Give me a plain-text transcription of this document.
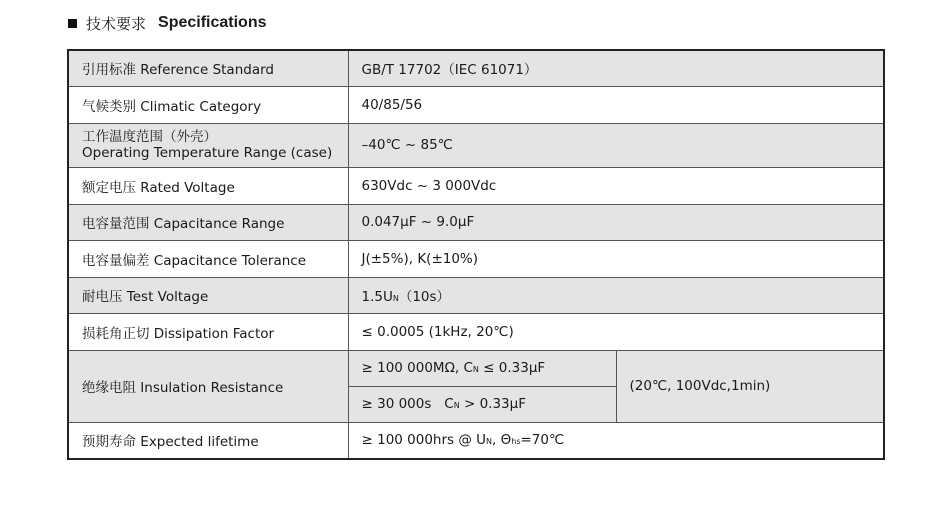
技术要求 Specifications
引用标准 Reference Standard	GB/T 17702（IEC 61071）	
气候类别 Climatic Category	40/85/56	

工作温度范围（外壳）
Operating Temperature Range (case)	–40℃ ~ 85℃	
额定电压 Rated Voltage	630Vdc ~ 3 000Vdc	
电容量范围 Capacitance Range	0.047μF ~ 9.0μF	
电容量偏差 Capacitance Tolerance	J(±5%), K(±10%)	
耐电压 Test Voltage	1.5UN（10s）	
损耗角正切 Dissipation Factor	≤ 0.0005 (1kHz, 20℃)	
绝缘电阻 Insulation Resistance	≥ 100 000MΩ, CN ≤ 0.33μF	(20℃, 100Vdc,1min)
	≥ 30 000s   CN > 0.33μF	
预期寿命 Expected lifetime	≥ 100 000hrs @ UN, Θhs=70℃	
